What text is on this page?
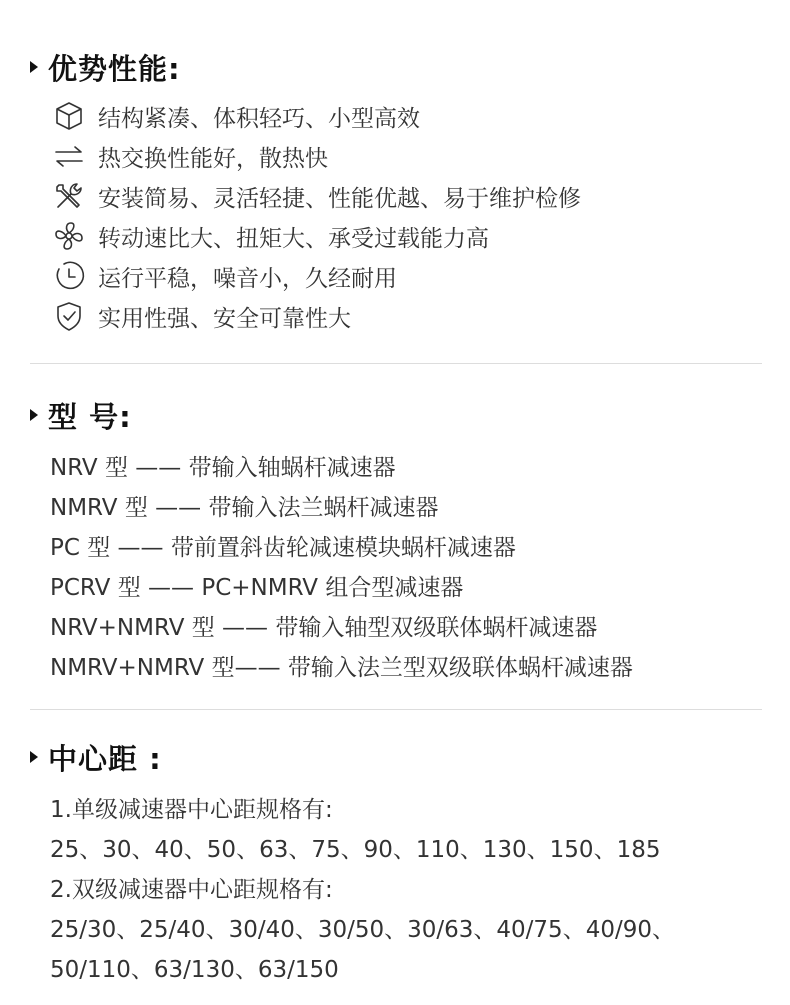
优势性能:
结构紧凑、体积轻巧、小型高效
热交换性能好，散热快
安装简易、灵活轻捷、性能优越、易于维护检修
转动速比大、扭矩大、承受过载能力高
运行平稳，噪音小，久经耐用
实用性强、安全可靠性大
型 号:
NRV 型 —— 带输入轴蜗杆减速器
NMRV 型 —— 带输入法兰蜗杆减速器
PC 型 —— 带前置斜齿轮减速模块蜗杆减速器
PCRV 型 —— PC+NMRV 组合型减速器
NRV+NMRV 型 —— 带输入轴型双级联体蜗杆减速器
NMRV+NMRV 型—— 带输入法兰型双级联体蜗杆减速器
中心距 :
1.单级减速器中心距规格有:
25、30、40、50、63、75、90、110、130、150、185
2.双级减速器中心距规格有:
25/30、25/40、30/40、30/50、30/63、40/75、40/90、
50/110、63/130、63/150
